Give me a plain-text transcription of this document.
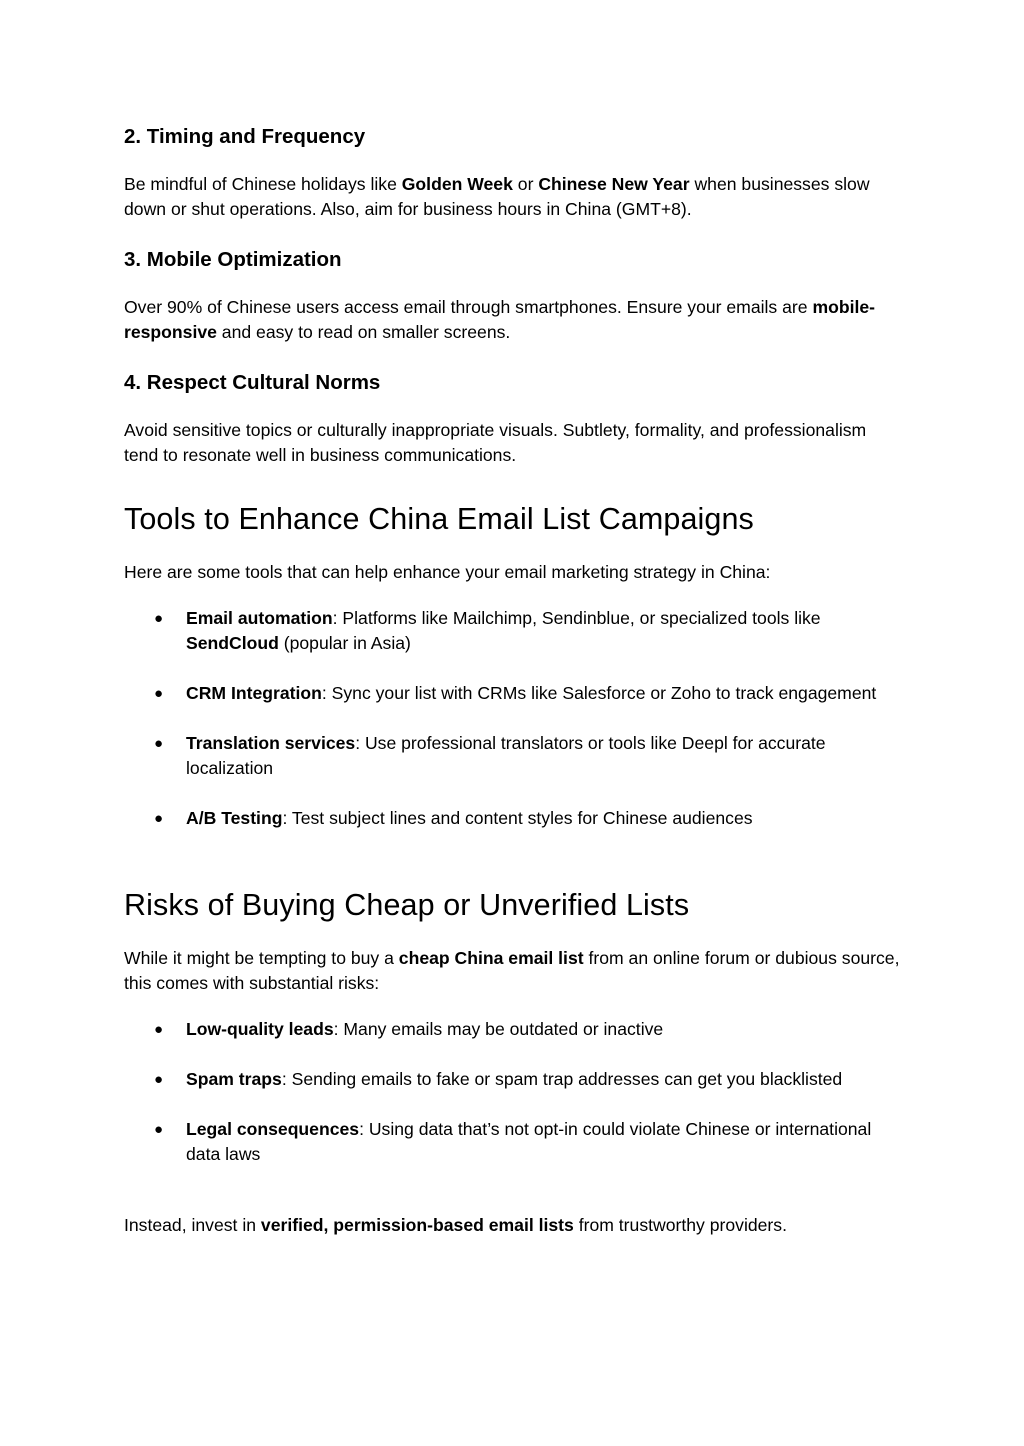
2. Timing and Frequency

Be mindful of Chinese holidays like Golden Week or Chinese New Year when businesses slow down or shut operations. Also, aim for business hours in China (GMT+8).

3. Mobile Optimization

Over 90% of Chinese users access email through smartphones. Ensure your emails are mobile-responsive and easy to read on smaller screens.

4. Respect Cultural Norms

Avoid sensitive topics or culturally inappropriate visuals. Subtlety, formality, and professionalism tend to resonate well in business communications.

Tools to Enhance China Email List Campaigns

Here are some tools that can help enhance your email marketing strategy in China:

● Email automation: Platforms like Mailchimp, Sendinblue, or specialized tools like SendCloud (popular in Asia)
● CRM Integration: Sync your list with CRMs like Salesforce or Zoho to track engagement
● Translation services: Use professional translators or tools like Deepl for accurate localization
● A/B Testing: Test subject lines and content styles for Chinese audiences
Risks of Buying Cheap or Unverified Lists

While it might be tempting to buy a cheap China email list from an online forum or dubious source, this comes with substantial risks:

● Low-quality leads: Many emails may be outdated or inactive
● Spam traps: Sending emails to fake or spam trap addresses can get you blacklisted
● Legal consequences: Using data that’s not opt-in could violate Chinese or international data laws

Instead, invest in verified, permission-based email lists from trustworthy providers.
